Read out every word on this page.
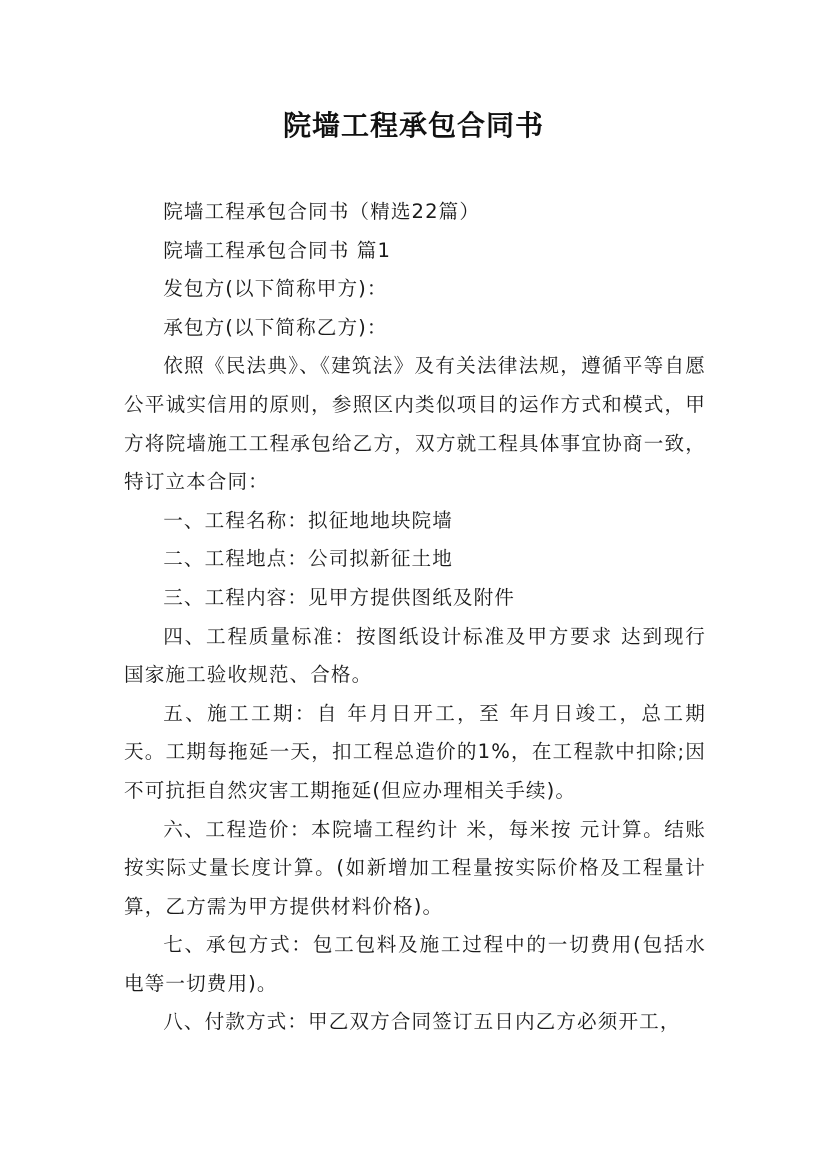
院墙工程承包合同书

院墙工程承包合同书（精选22篇）

院墙工程承包合同书 篇1

发包方(以下简称甲方)：

承包方(以下简称乙方)：

依照《民法典》、《建筑法》及有关法律法规，遵循平等自愿公平诚实信用的原则，参照区内类似项目的运作方式和模式，甲方将院墙施工工程承包给乙方，双方就工程具体事宜协商一致，特订立本合同：

一、工程名称：拟征地地块院墙

二、工程地点：公司拟新征土地

三、工程内容：见甲方提供图纸及附件

四、工程质量标准：按图纸设计标准及甲方要求 达到现行国家施工验收规范、合格。

五、施工工期：自 年月日开工，至 年月日竣工，总工期 天。工期每拖延一天，扣工程总造价的1%，在工程款中扣除;因不可抗拒自然灾害工期拖延(但应办理相关手续)。

六、工程造价：本院墙工程约计 米，每米按 元计算。结账按实际丈量长度计算。(如新增加工程量按实际价格及工程量计算，乙方需为甲方提供材料价格)。

七、承包方式：包工包料及施工过程中的一切费用(包括水电等一切费用)。

八、付款方式：甲乙双方合同签订五日内乙方必须开工，
